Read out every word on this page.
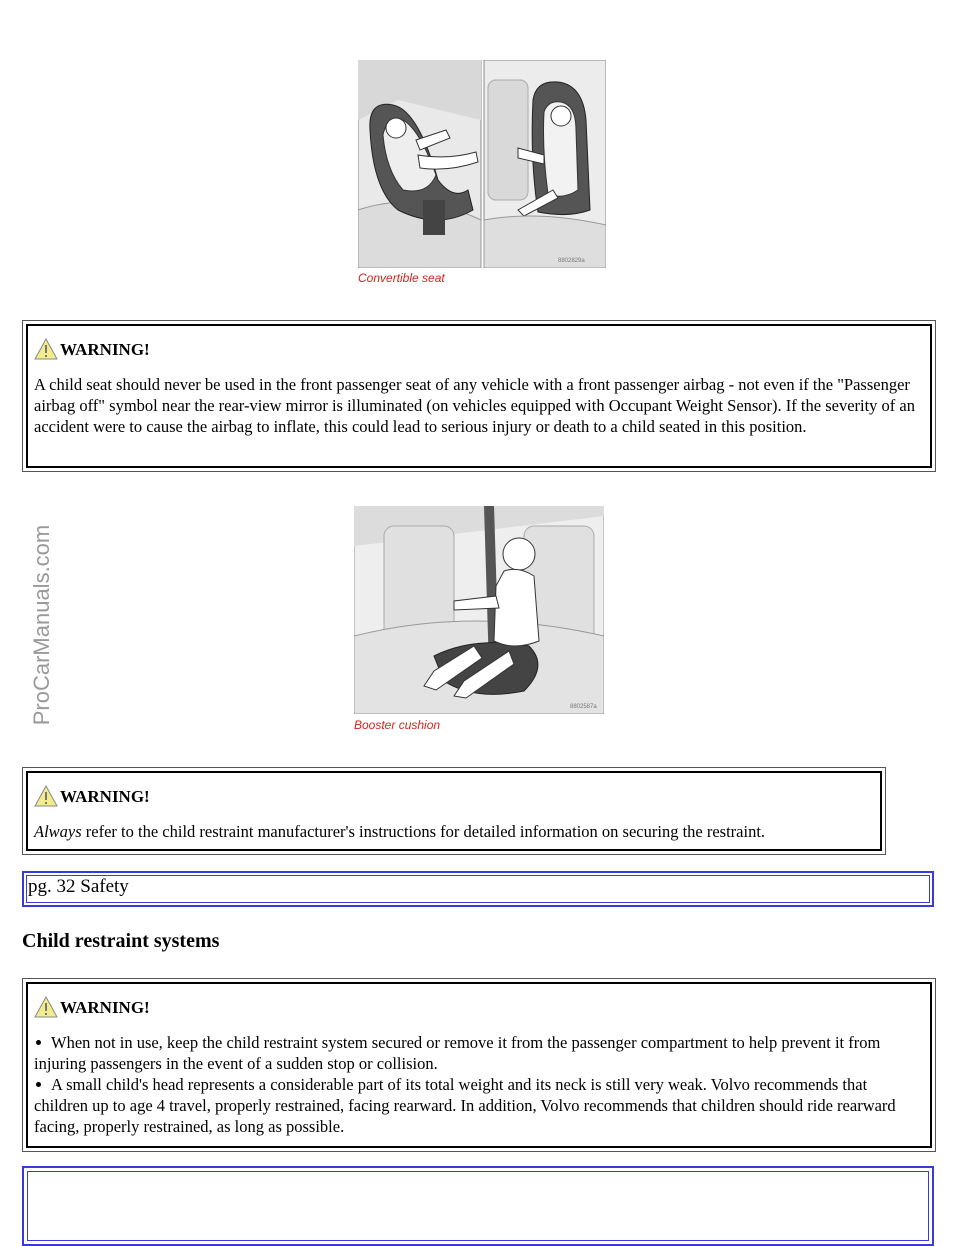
ProCarManuals.com
8802829a
Convertible seat
WARNING!
A child seat should never be used in the front passenger seat of any vehicle with a front passenger airbag - not even if the "Passenger airbag off" symbol near the rear-view mirror is illuminated (on vehicles equipped with Occupant Weight Sensor). If the severity of an accident were to cause the airbag to inflate, this could lead to serious injury or death to a child seated in this position.
8802587a
Booster cushion
WARNING!
Always refer to the child restraint manufacturer's instructions for detailed information on securing the restraint.
pg. 32 Safety
Child restraint systems
WARNING!
When not in use, keep the child restraint system secured or remove it from the passenger compartment to help prevent it from injuring passengers in the event of a sudden stop or collision.
A small child's head represents a considerable part of its total weight and its neck is still very weak. Volvo recommends that children up to age 4 travel, properly restrained, facing rearward. In addition, Volvo recommends that children should ride rearward facing, properly restrained, as long as possible.
